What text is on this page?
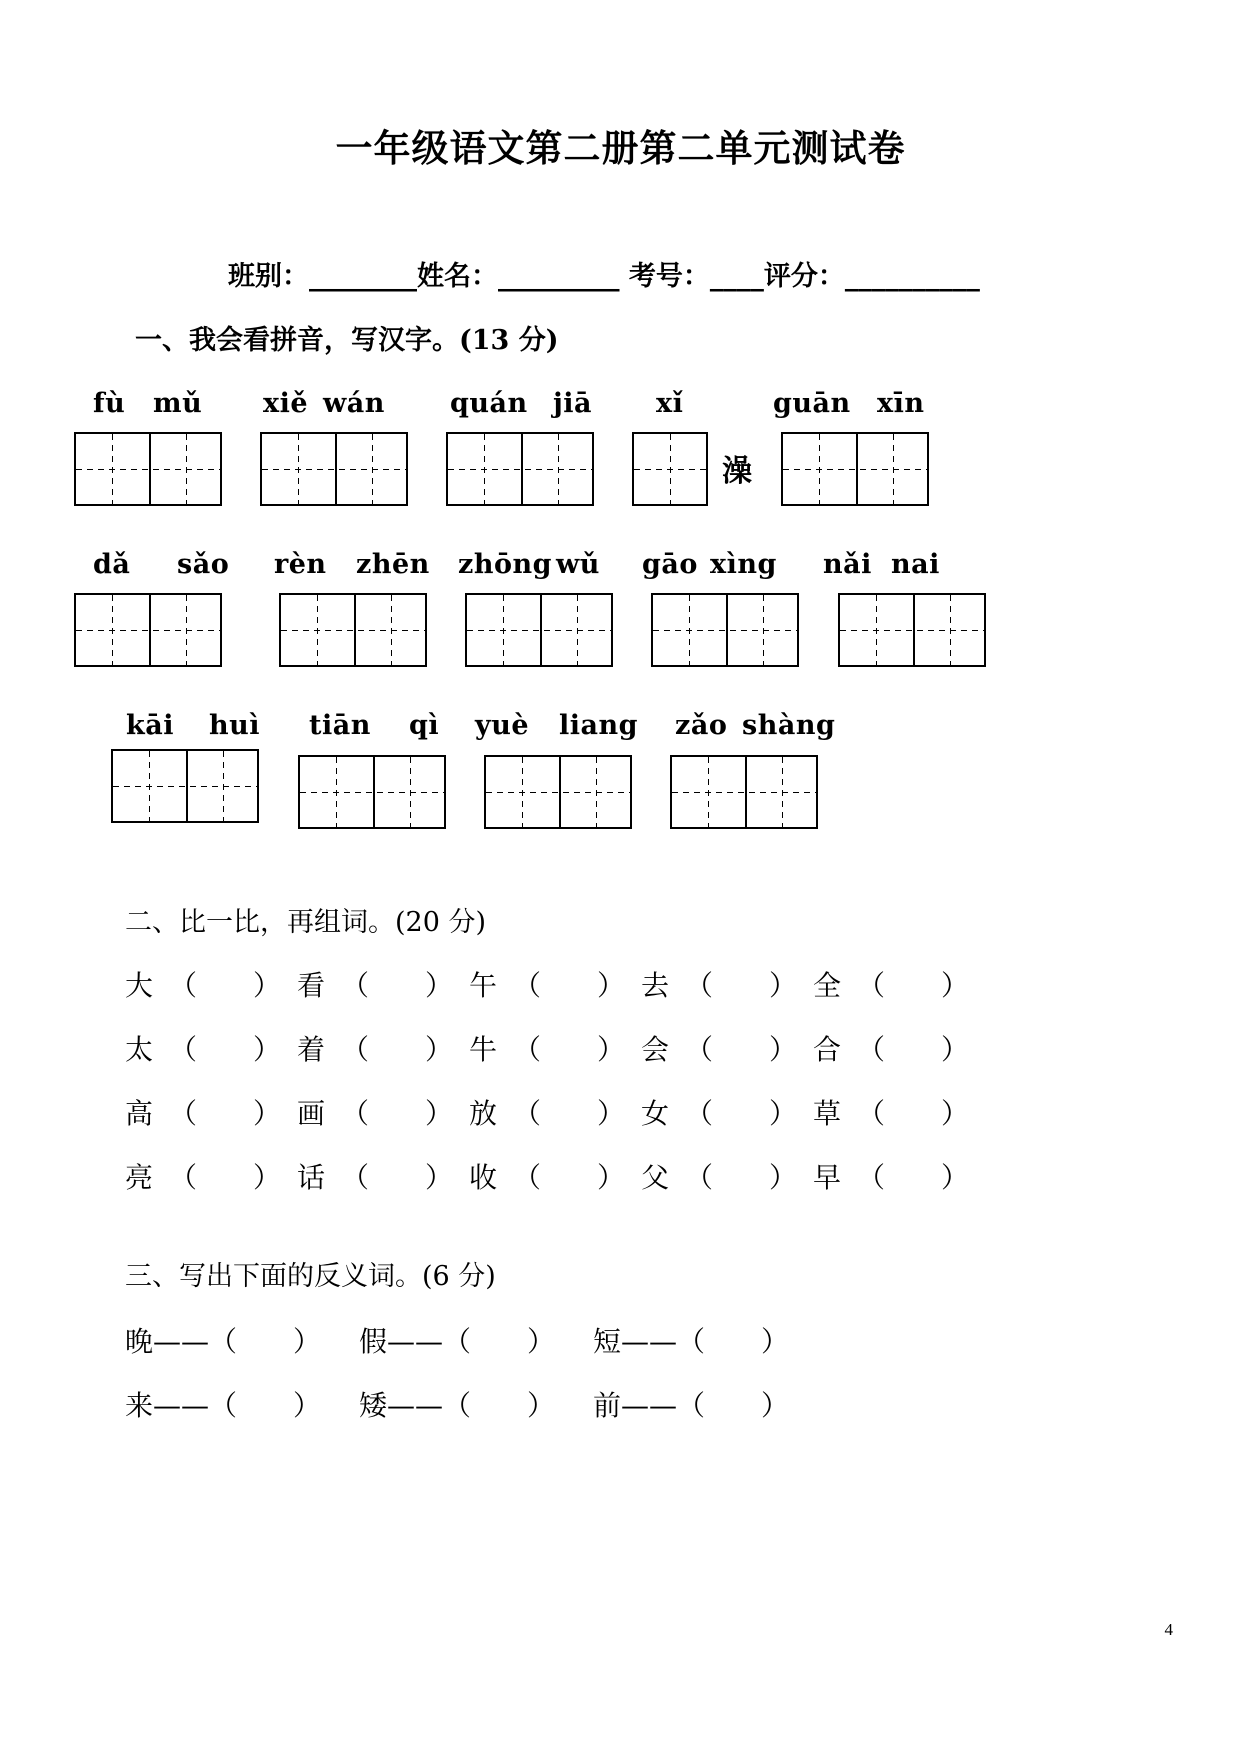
一年级语文第二册第二单元测试卷
班别：________姓名：_________ 考号：____评分：__________
一、我会看拼音，写汉字。(13 分)
fù mǔ xiě wán quán jiā xǐ	guān xīn
澡
dǎ sǎo rèn zhēn zhōng wǔ gāo xìng nǎi nai
kāi huì tiān qì yuè liang zǎo shàng
二、比一比，再组词。(20 分)
大 （ ） 看 （ ） 午 （ ） 去 （ ） 全 （ ）
太 （ ） 着 （ ） 牛 （ ） 会 （ ） 合 （ ）
高 （ ） 画 （ ） 放 （ ） 女 （ ） 草 （ ）
亮 （ ） 话 （ ） 收 （ ） 父 （ ） 早 （ ）
三、写出下面的反义词。(6 分)
晚——（　　）	假——（　　）	短——（　　）
来——（　　）	矮——（　　）	前——（　　）
4
